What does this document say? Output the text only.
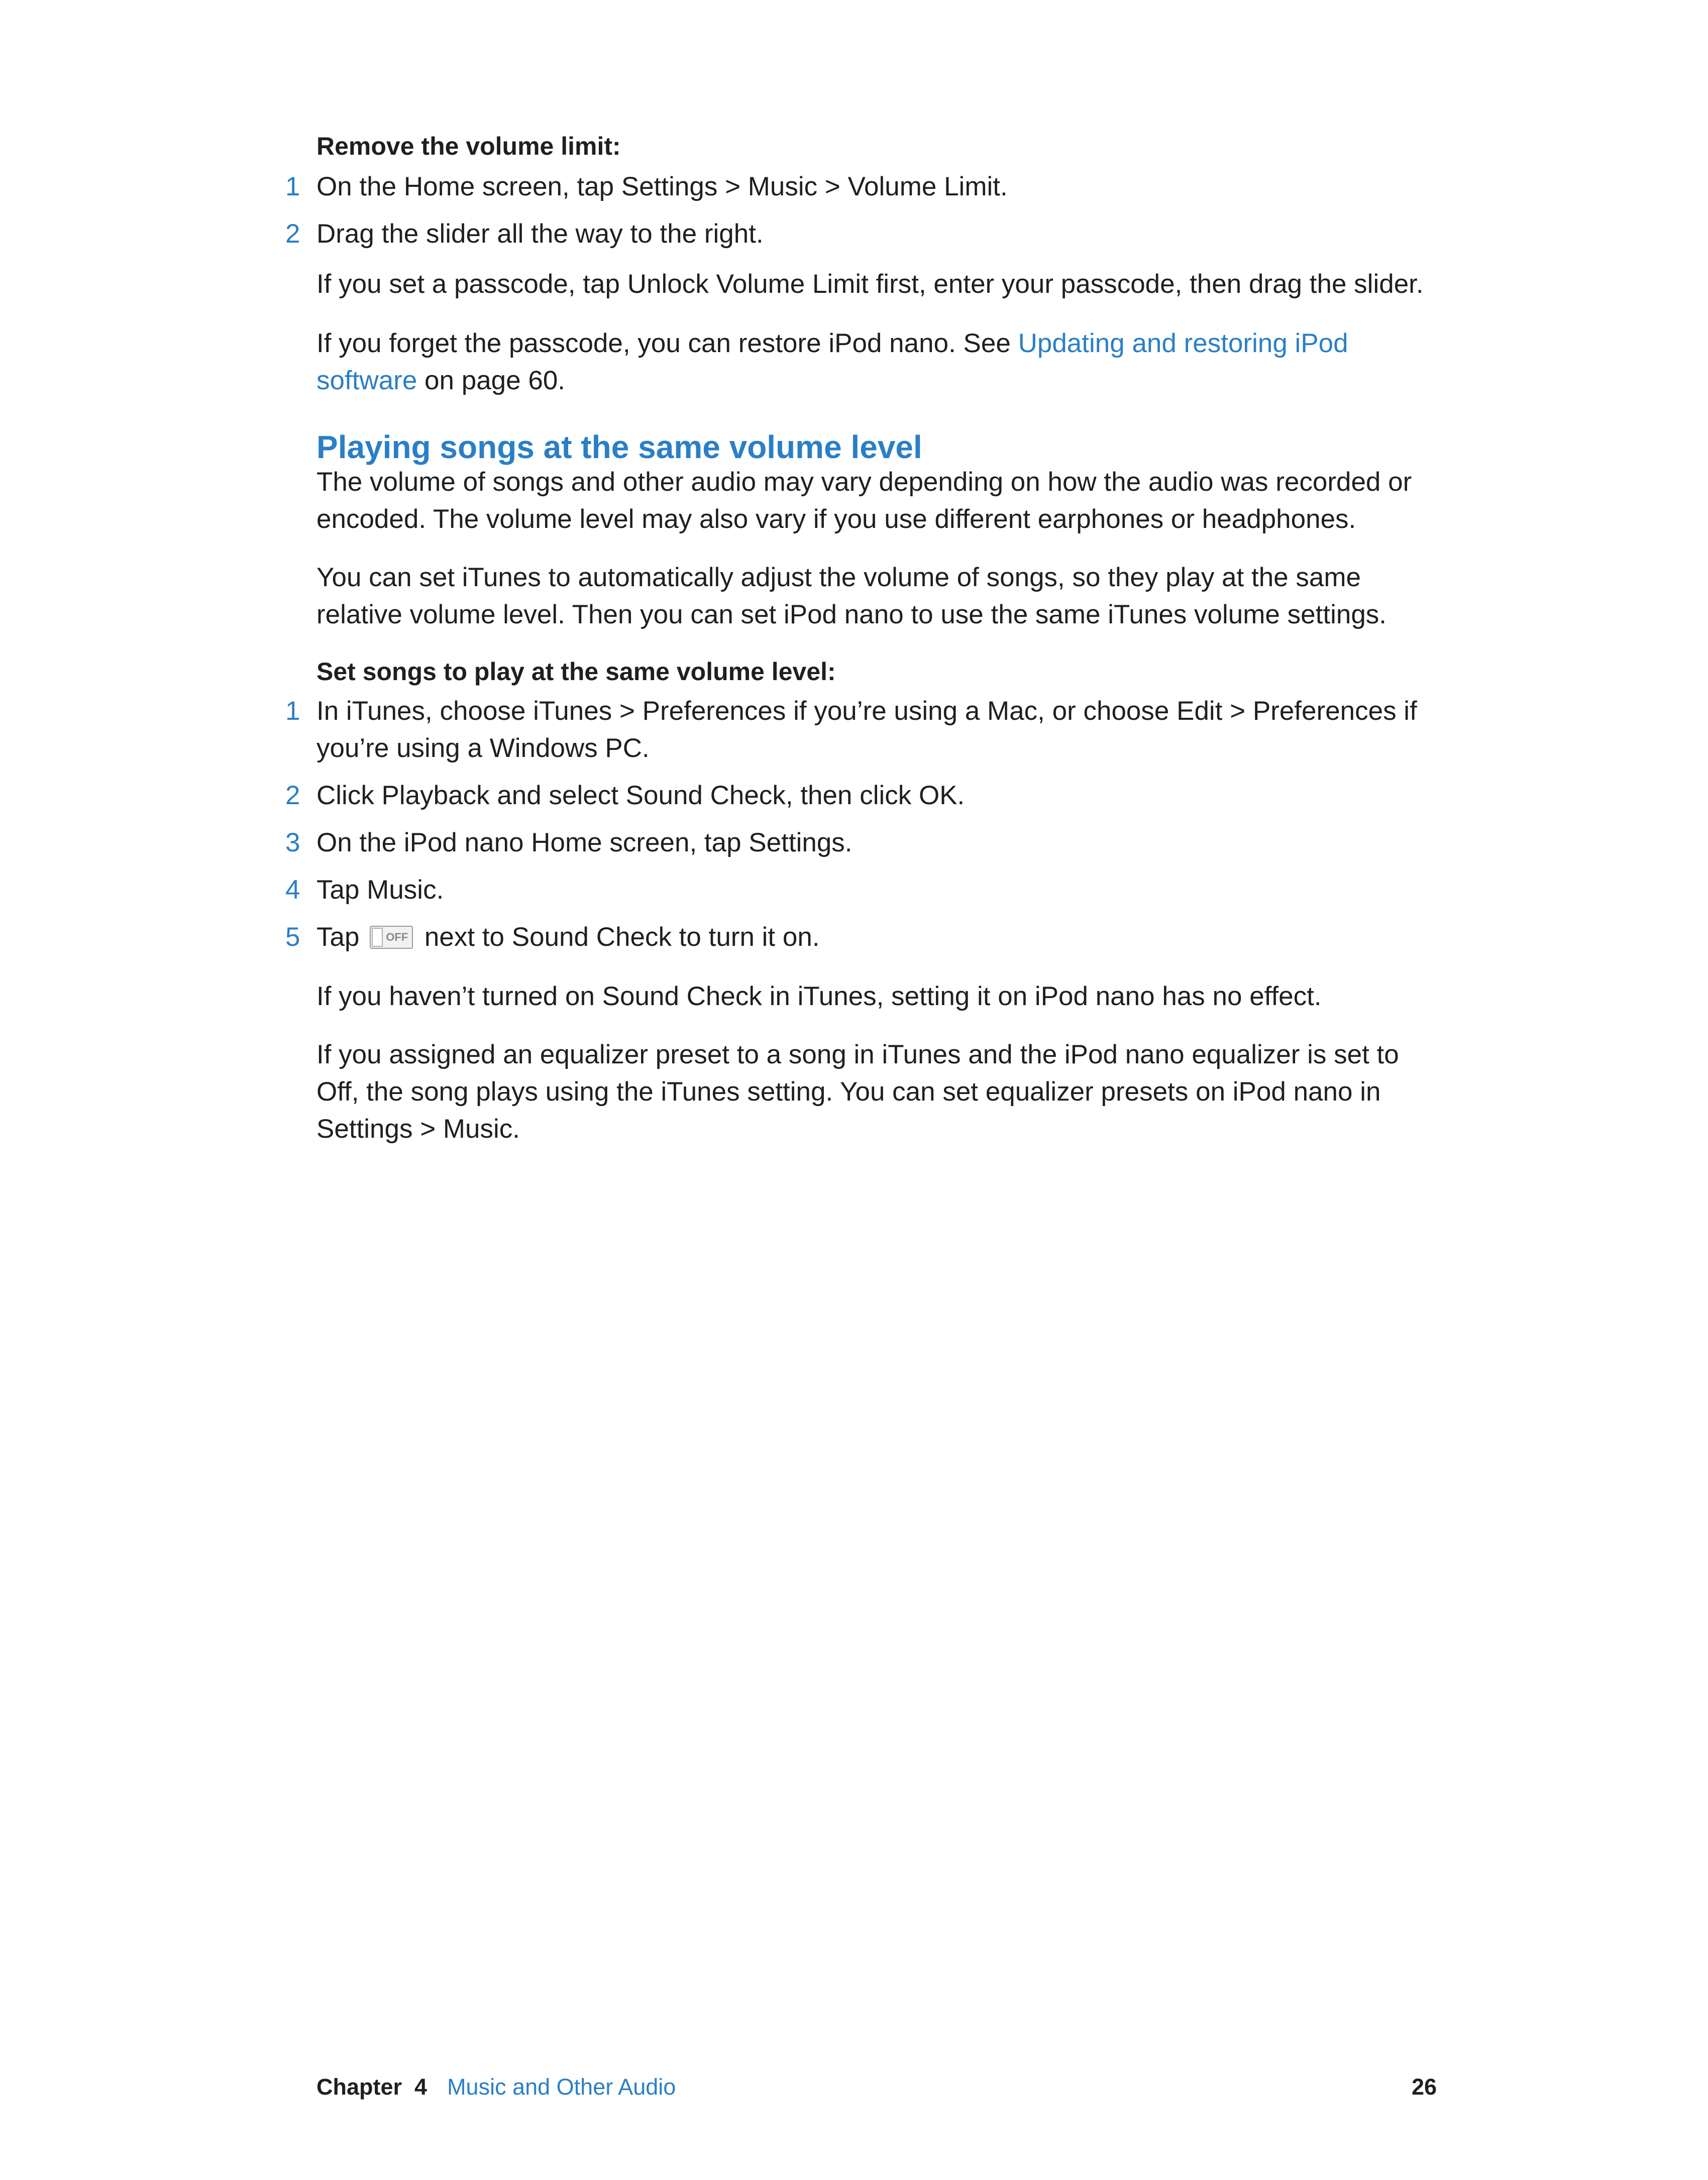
Remove the volume limit:

1 On the Home screen, tap Settings > Music > Volume Limit.

2 Drag the slider all the way to the right.

If you set a passcode, tap Unlock Volume Limit first, enter your passcode, then drag the slider.

If you forget the passcode, you can restore iPod nano. See Updating and restoring iPod software on page 60.

Playing songs at the same volume level

The volume of songs and other audio may vary depending on how the audio was recorded or encoded. The volume level may also vary if you use different earphones or headphones.

You can set iTunes to automatically adjust the volume of songs, so they play at the same relative volume level. Then you can set iPod nano to use the same iTunes volume settings.

Set songs to play at the same volume level:

1 In iTunes, choose iTunes > Preferences if you’re using a Mac, or choose Edit > Preferences if you’re using a Windows PC.

2 Click Playback and select Sound Check, then click OK.

3 On the iPod nano Home screen, tap Settings.

4 Tap Music.

5 Tap OFF next to Sound Check to turn it on.

If you haven’t turned on Sound Check in iTunes, setting it on iPod nano has no effect.

If you assigned an equalizer preset to a song in iTunes and the iPod nano equalizer is set to Off, the song plays using the iTunes setting. You can set equalizer presets on iPod nano in Settings > Music.

Chapter  4 Music and Other Audio	26
